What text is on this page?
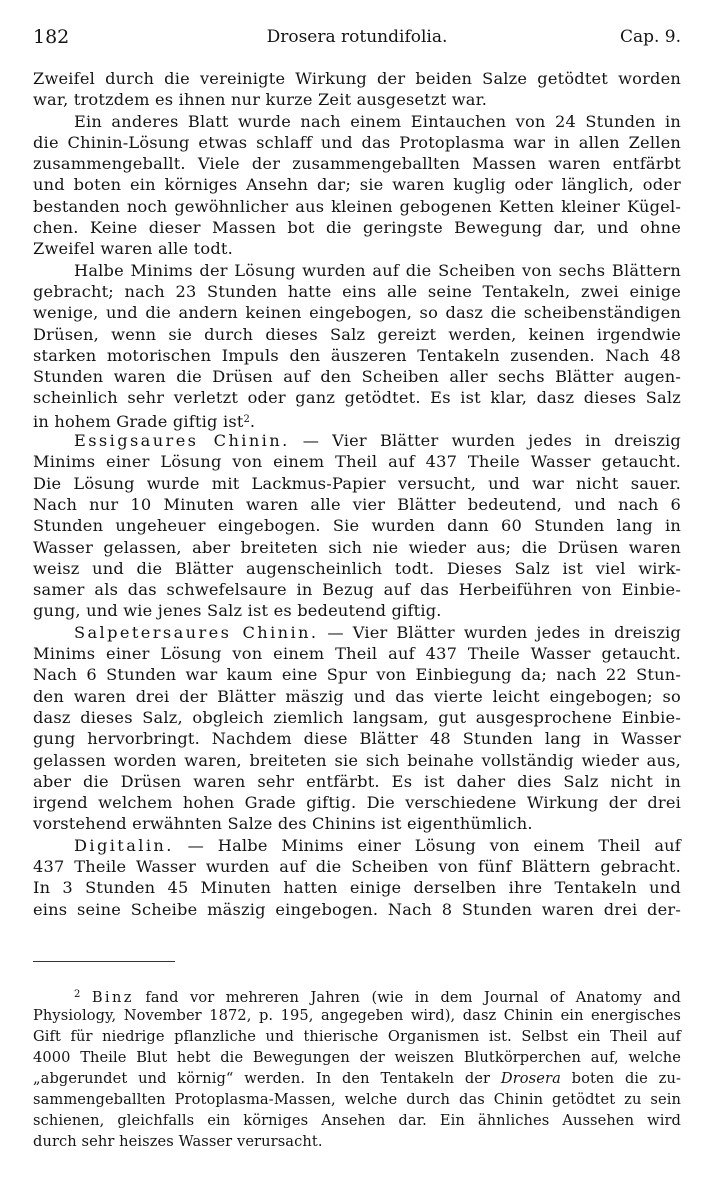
182	Drosera rotundifolia.	Cap. 9.
Zweifel durch die vereinigte Wirkung der beiden Salze getödtet worden
war, trotzdem es ihnen nur kurze Zeit ausgesetzt war.
Ein anderes Blatt wurde nach einem Eintauchen von 24 Stunden in
die Chinin-Lösung etwas schlaff und das Protoplasma war in allen Zellen
zusammengeballt. Viele der zusammengeballten Massen waren entfärbt
und boten ein körniges Ansehn dar; sie waren kuglig oder länglich, oder
bestanden noch gewöhnlicher aus kleinen gebogenen Ketten kleiner Kügel-
chen. Keine dieser Massen bot die geringste Bewegung dar, und ohne
Zweifel waren alle todt.
Halbe Minims der Lösung wurden auf die Scheiben von sechs Blättern
gebracht; nach 23 Stunden hatte eins alle seine Tentakeln, zwei einige
wenige, und die andern keinen eingebogen, so dasz die scheibenständigen
Drüsen, wenn sie durch dieses Salz gereizt werden, keinen irgendwie
starken motorischen Impuls den äuszeren Tentakeln zusenden. Nach 48
Stunden waren die Drüsen auf den Scheiben aller sechs Blätter augen-
scheinlich sehr verletzt oder ganz getödtet. Es ist klar, dasz dieses Salz
in hohem Grade giftig ist$^2$.
Essigsaures Chinin. — Vier Blätter wurden jedes in dreiszig
Minims einer Lösung von einem Theil auf 437 Theile Wasser getaucht.
Die Lösung wurde mit Lackmus-Papier versucht, und war nicht sauer.
Nach nur 10 Minuten waren alle vier Blätter bedeutend, und nach 6
Stunden ungeheuer eingebogen. Sie wurden dann 60 Stunden lang in
Wasser gelassen, aber breiteten sich nie wieder aus; die Drüsen waren
weisz und die Blätter augenscheinlich todt. Dieses Salz ist viel wirk-
samer als das schwefelsaure in Bezug auf das Herbeiführen von Einbie-
gung, und wie jenes Salz ist es bedeutend giftig.
Salpetersaures Chinin. — Vier Blätter wurden jedes in dreiszig
Minims einer Lösung von einem Theil auf 437 Theile Wasser getaucht.
Nach 6 Stunden war kaum eine Spur von Einbiegung da; nach 22 Stun-
den waren drei der Blätter mäszig und das vierte leicht eingebogen; so
dasz dieses Salz, obgleich ziemlich langsam, gut ausgesprochene Einbie-
gung hervorbringt. Nachdem diese Blätter 48 Stunden lang in Wasser
gelassen worden waren, breiteten sie sich beinahe vollständig wieder aus,
aber die Drüsen waren sehr entfärbt. Es ist daher dies Salz nicht in
irgend welchem hohen Grade giftig. Die verschiedene Wirkung der drei
vorstehend erwähnten Salze des Chinins ist eigenthümlich.
Digitalin. — Halbe Minims einer Lösung von einem Theil auf
437 Theile Wasser wurden auf die Scheiben von fünf Blättern gebracht.
In 3 Stunden 45 Minuten hatten einige derselben ihre Tentakeln und
eins seine Scheibe mäszig eingebogen. Nach 8 Stunden waren drei der-
$^2$ Binz fand vor mehreren Jahren (wie in dem Journal of Anatomy and
Physiology, November 1872, p. 195, angegeben wird), dasz Chinin ein energisches
Gift für niedrige pflanzliche und thierische Organismen ist. Selbst ein Theil auf
4000 Theile Blut hebt die Bewegungen der weiszen Blutkörperchen auf, welche
„abgerundet und körnig“ werden. In den Tentakeln der Drosera boten die zu-
sammengeballten Protoplasma-Massen, welche durch das Chinin getödtet zu sein
schienen, gleichfalls ein körniges Ansehen dar. Ein ähnliches Aussehen wird
durch sehr heiszes Wasser verursacht.
